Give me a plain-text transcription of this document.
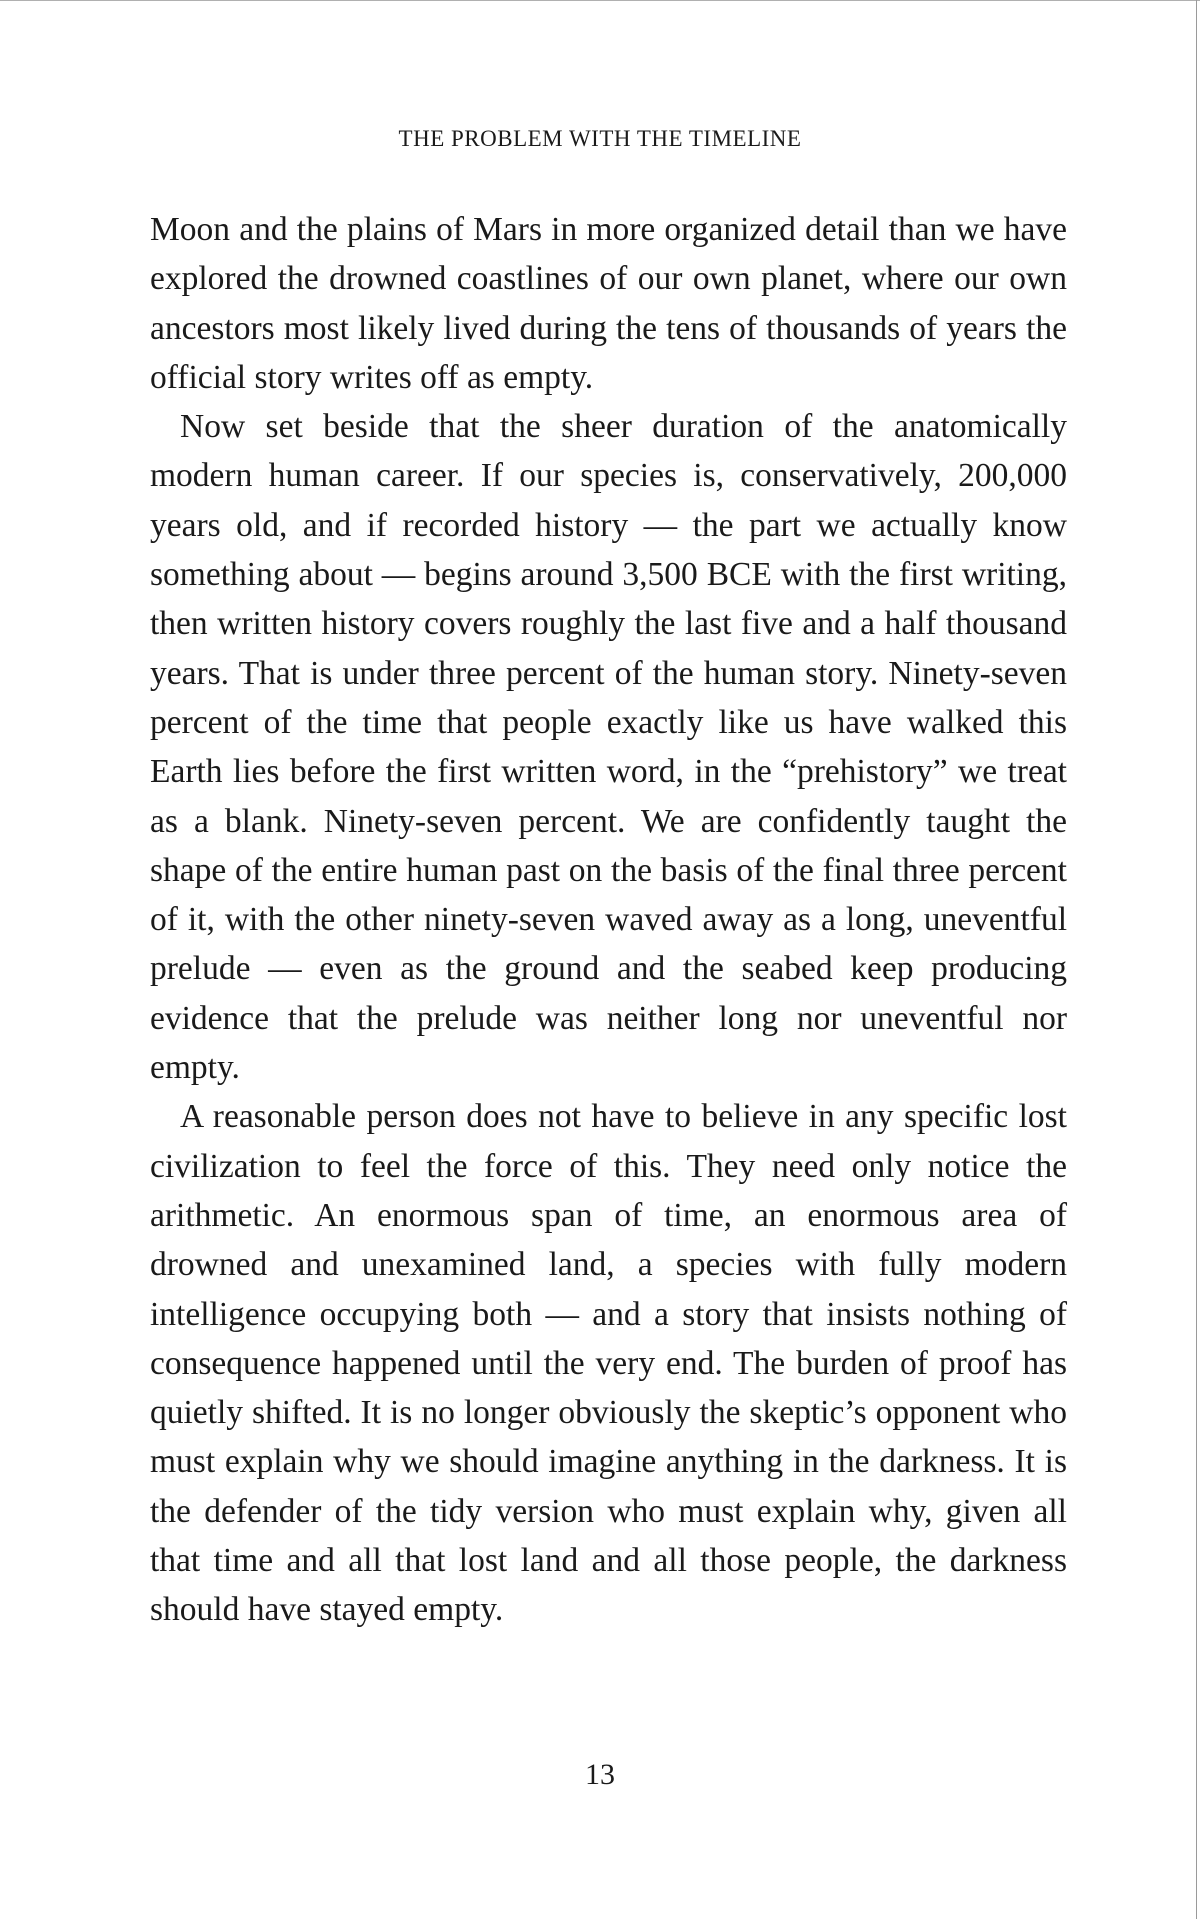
THE PROBLEM WITH THE TIMELINE

Moon and the plains of Mars in more organized detail than we have explored the drowned coastlines of our own planet, where our own ancestors most likely lived during the tens of thousands of years the official story writes off as empty.

Now set beside that the sheer duration of the anatomically modern human career. If our species is, conservatively, 200,000 years old, and if recorded history — the part we actually know something about — begins around 3,500 BCE with the first writing, then written history covers roughly the last five and a half thousand years. That is under three percent of the human story. Ninety-seven percent of the time that people exactly like us have walked this Earth lies before the first written word, in the “prehistory” we treat as a blank. Ninety-seven percent. We are confidently taught the shape of the entire human past on the basis of the final three percent of it, with the other ninety-seven waved away as a long, uneventful prelude — even as the ground and the seabed keep producing evidence that the prelude was neither long nor uneventful nor empty.

A reasonable person does not have to believe in any specific lost civilization to feel the force of this. They need only notice the arithmetic. An enormous span of time, an enormous area of drowned and unexamined land, a species with fully modern intelligence occupying both — and a story that insists nothing of consequence happened until the very end. The burden of proof has quietly shifted. It is no longer obviously the skeptic’s opponent who must explain why we should imagine anything in the darkness. It is the defender of the tidy version who must explain why, given all that time and all that lost land and all those people, the darkness should have stayed empty.

13
